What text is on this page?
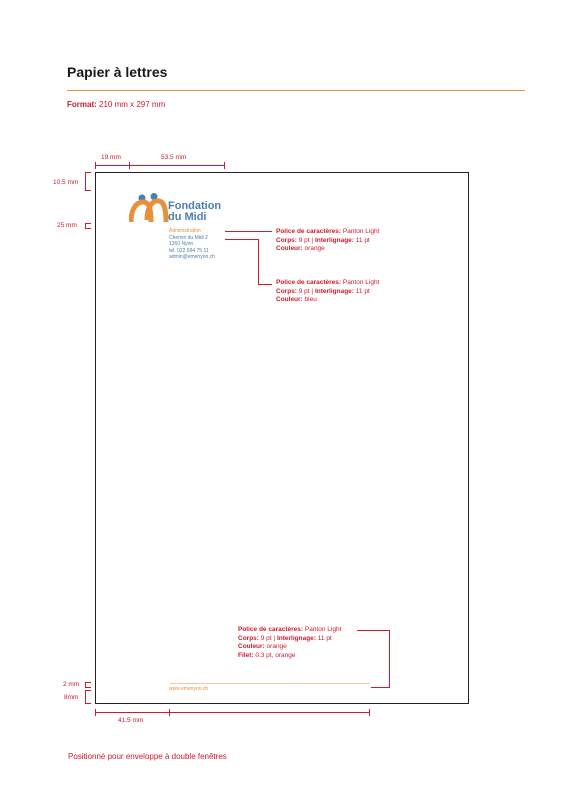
Papier à lettres
Format: 210 mm x 297 mm
19 mm	53.5 mm
10.5 mm
25 mm
2 mm
8mm
41.5 mm
Fondation
du Midi
Administration
Chemin du Midi 2
1260 Nyon
tel. 022 994 75 11
admin@emenyon.ch
Police de caractères: Panton Light
Corps: 9 pt | Interlignage: 11 pt
Couleur: orange
Police de caractères: Panton Light
Corps: 9 pt | Interlignage: 11 pt
Couleur: bleu
Police de caractères: Panton Light
Corps: 9 pt | Interlignage: 11 pt
Couleur: orange
Filet: 0.3 pt, orange
www.emenyon.ch
Positionné pour enveloppe à double fenêtres
